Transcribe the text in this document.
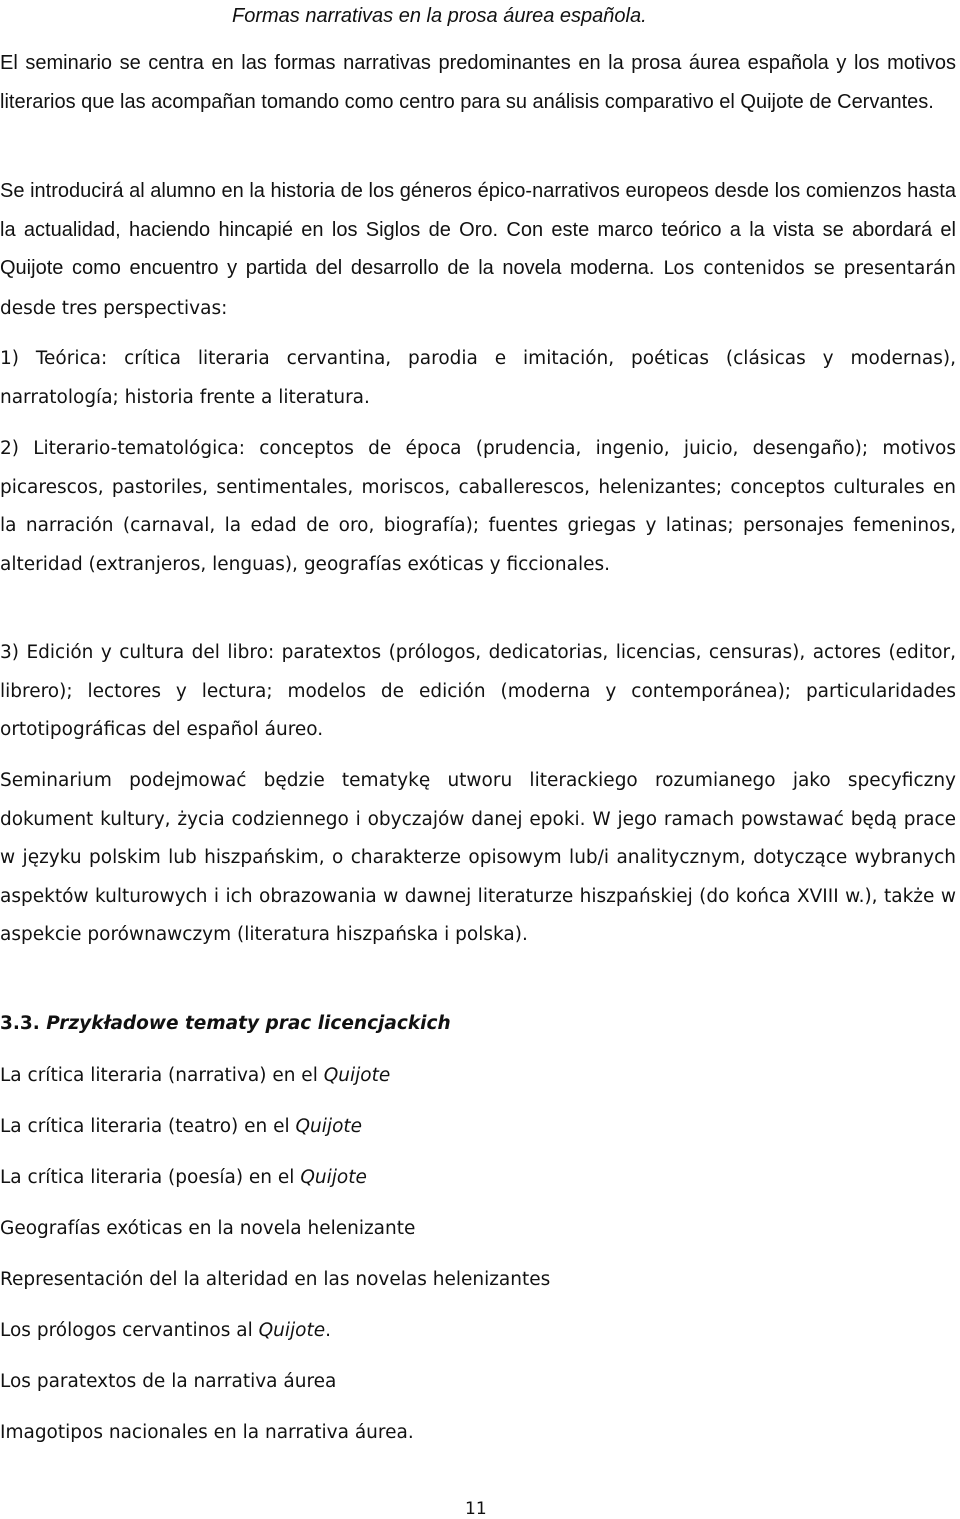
Formas narrativas en la prosa áurea española.
El seminario se centra en las formas narrativas predominantes en la prosa áurea española y los motivos literarios que las acompañan tomando como centro para su análisis comparativo el Quijote de Cervantes.
Se introducirá al alumno en la historia de los géneros épico-narrativos europeos desde los comienzos hasta la actualidad, haciendo hincapié en los Siglos de Oro. Con este marco teórico a la vista se abordará el Quijote como encuentro y partida del desarrollo de la novela moderna. Los contenidos se presentarán desde tres perspectivas:
1) Teórica: crítica literaria cervantina, parodia e imitación, poéticas (clásicas y modernas), narratología; historia frente a literatura.
2) Literario-tematológica: conceptos de época (prudencia, ingenio, juicio, desengaño); motivos picarescos, pastoriles, sentimentales, moriscos, caballerescos, helenizantes; conceptos culturales en la narración (carnaval, la edad de oro, biografía); fuentes griegas y latinas; personajes femeninos, alteridad (extranjeros, lenguas), geografías exóticas y ficcionales.
3) Edición y cultura del libro: paratextos (prólogos, dedicatorias, licencias, censuras), actores (editor, librero); lectores y lectura; modelos de edición (moderna y contemporánea); particularidades ortotipográficas del español áureo.
Seminarium podejmować będzie tematykę utworu literackiego rozumianego jako specyficzny dokument kultury, życia codziennego i obyczajów danej epoki. W jego ramach powstawać będą prace w języku polskim lub hiszpańskim, o charakterze opisowym lub/i analitycznym, dotyczące wybranych aspektów kulturowych i ich obrazowania w dawnej literaturze hiszpańskiej (do końca XVIII w.), także w aspekcie porównawczym (literatura hiszpańska i polska).
3.3. Przykładowe tematy prac licencjackich
La crítica literaria (narrativa) en el Quijote
La crítica literaria (teatro) en el Quijote
La crítica literaria (poesía) en el Quijote
Geografías exóticas en la novela helenizante
Representación del la alteridad en las novelas helenizantes
Los prólogos cervantinos al Quijote.
Los paratextos de la narrativa áurea
Imagotipos nacionales en la narrativa áurea.
11
